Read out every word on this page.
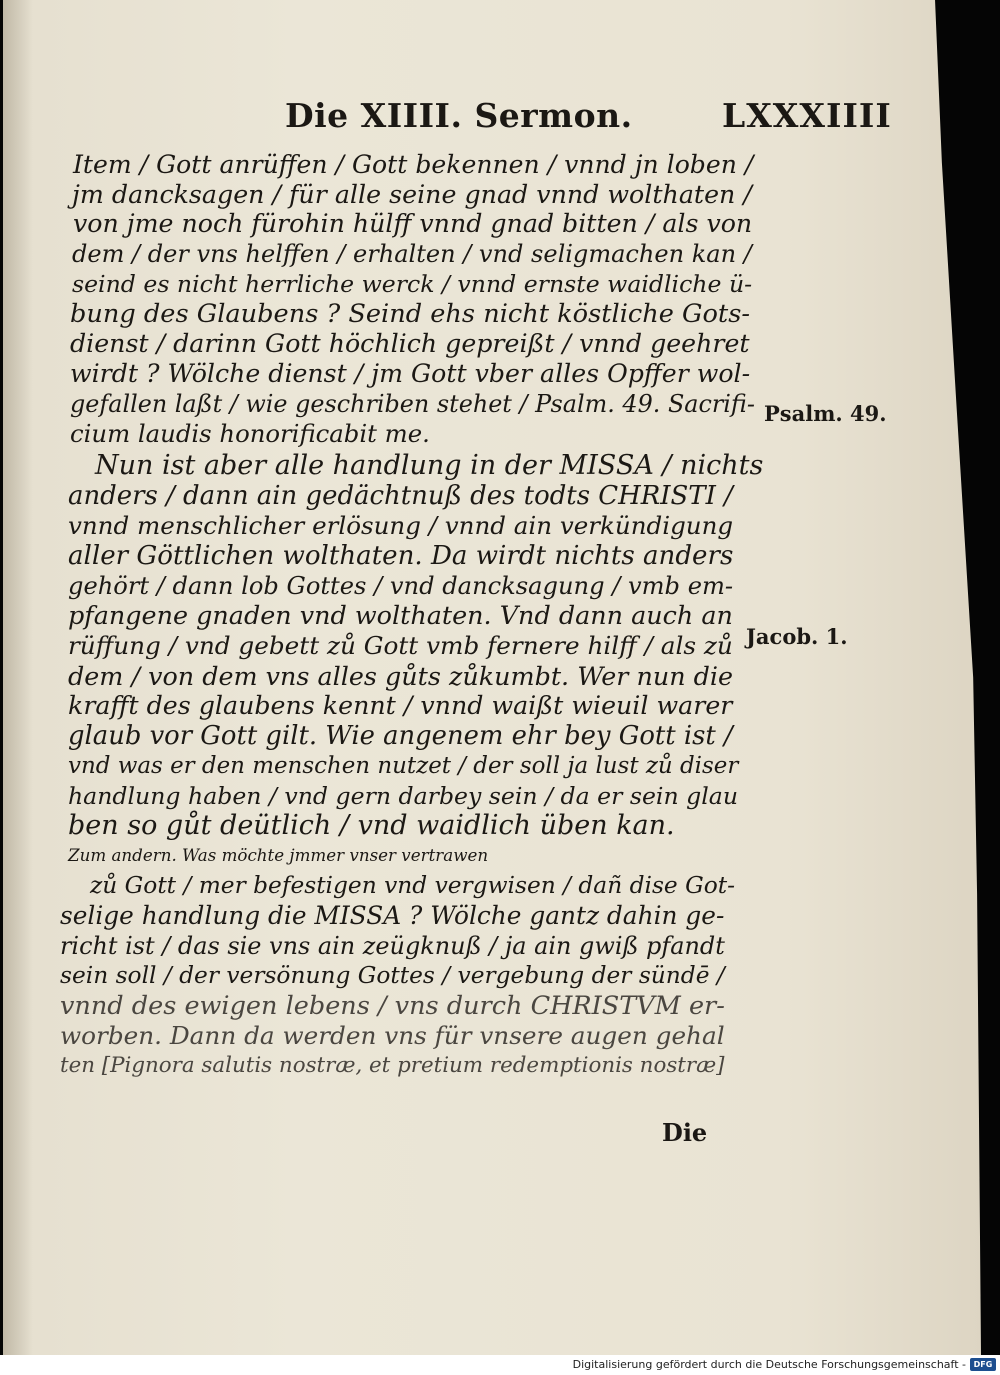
Die XIIII. Sermon.	LXXXIIII
Item / Gott anrüffen / Gott bekennen / vnnd jn loben /
jm dancksagen / für alle seine gnad vnnd wolthaten /
von jme noch fürohin hülff vnnd gnad bitten / als von
dem / der vns helffen / erhalten / vnd seligmachen kan /
seind es nicht herrliche werck / vnnd ernste waidliche ü-
bung des Glaubens ? Seind ehs nicht köstliche Gots-
dienst / darinn Gott höchlich gepreißt / vnnd geehret
wirdt ? Wölche dienst / jm Gott vber alles Opffer wol-
gefallen laßt / wie geschriben stehet / Psalm. 49. Sacrifi-
cium laudis honorificabit me.
Nun ist aber alle handlung in der MISSA / nichts
anders / dann ain gedächtnuß des todts CHRISTI /
vnnd menschlicher erlösung / vnnd ain verkündigung
aller Göttlichen wolthaten. Da wirdt nichts anders
gehört / dann lob Gottes / vnd dancksagung / vmb em-
pfangene gnaden vnd wolthaten. Vnd dann auch an
rüffung / vnd gebett zů Gott vmb fernere hilff / als zů
dem / von dem vns alles gůts zůkumbt. Wer nun die
krafft des glaubens kennt / vnnd waißt wieuil warer
glaub vor Gott gilt. Wie angenem ehr bey Gott ist /
vnd was er den menschen nutzet / der soll ja lust zů diser
handlung haben / vnd gern darbey sein / da er sein glau
ben so gůt deütlich / vnd waidlich üben kan.
Zum andern. Was möchte jmmer vnser vertrawen
zů Gott / mer befestigen vnd vergwisen / dañ dise Got-
selige handlung die MISSA ? Wölche gantz dahin ge-
richt ist / das sie vns ain zeügknuß / ja ain gwiß pfandt
sein soll / der versönung Gottes / vergebung der sündē /
vnnd des ewigen lebens / vns durch CHRISTVM er-
worben. Dann da werden vns für vnsere augen gehal
ten [Pignora salutis nostræ, et pretium redemptionis nostræ]
Psalm. 49.
Jacob. 1.
Die
Digitalisierung gefördert durch die Deutsche Forschungsgemeinschaft - DFG
